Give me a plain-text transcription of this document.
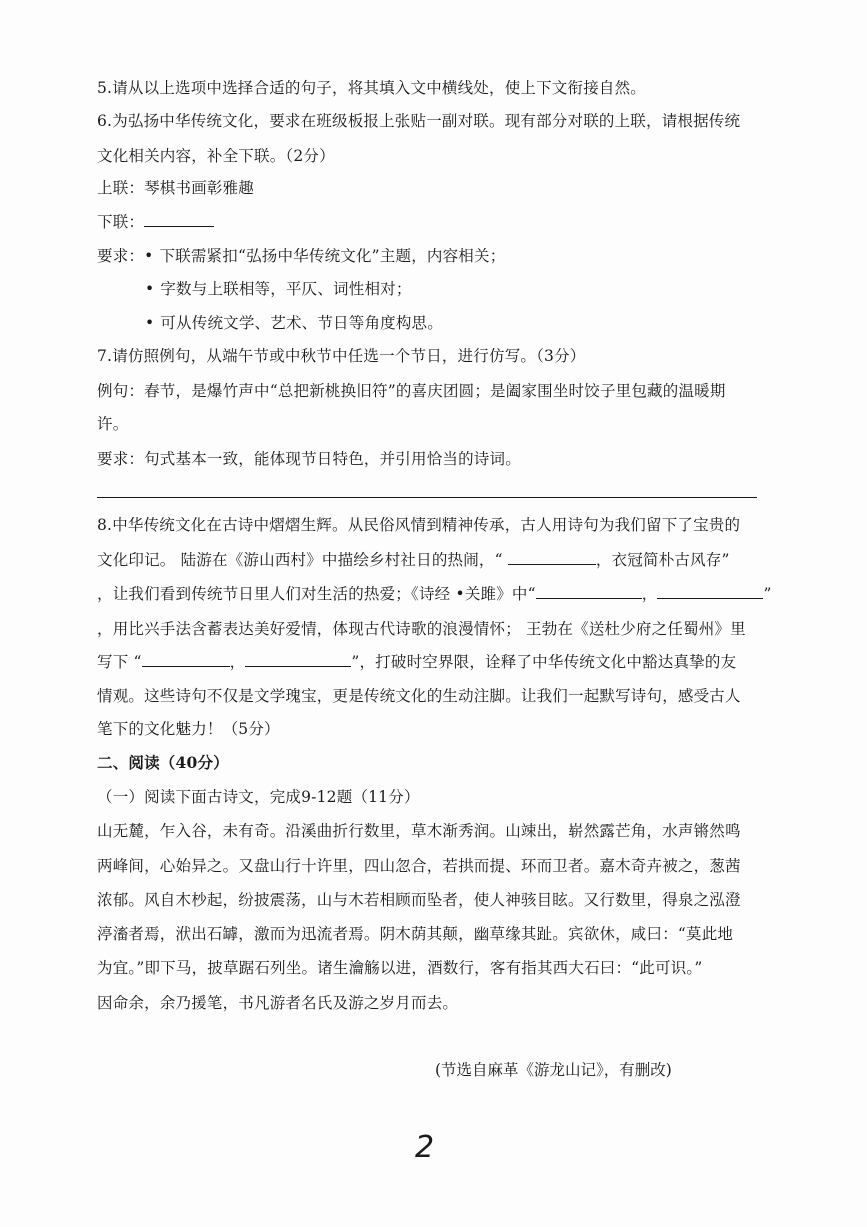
5.请从以上选项中选择合适的句子，将其填入文中横线处，使上下文衔接自然。
6.为弘扬中华传统文化，要求在班级板报上张贴一副对联。现有部分对联的上联，请根据传统
文化相关内容，补全下联。（2分）
上联：琴棋书画彰雅趣
下联：
要求：• 下联需紧扣“弘扬中华传统文化”主题，内容相关；
• 字数与上联相等，平仄、词性相对；
• 可从传统文学、艺术、节日等角度构思。
7.请仿照例句，从端午节或中秋节中任选一个节日，进行仿写。（3分）
例句：春节，是爆竹声中“总把新桃换旧符”的喜庆团圆；是阖家围坐时饺子里包藏的温暖期
许。
要求：句式基本一致，能体现节日特色，并引用恰当的诗词。
8.中华传统文化在古诗中熠熠生辉。从民俗风情到精神传承，古人用诗句为我们留下了宝贵的
文化印记。 陆游在《游山西村》中描绘乡村社日的热闹，“	，衣冠简朴古风存”
，让我们看到传统节日里人们对生活的热爱；《诗经 •关雎》中“	，	”
，用比兴手法含蓄表达美好爱情，体现古代诗歌的浪漫情怀； 王勃在《送杜少府之任蜀州》里
写下 “	，	”，打破时空界限，诠释了中华传统文化中豁达真挚的友
情观。这些诗句不仅是文学瑰宝，更是传统文化的生动注脚。让我们一起默写诗句，感受古人
笔下的文化魅力！（5分）
二、阅读（40分）
（一）阅读下面古诗文，完成9-12题（11分）
山无麓，乍入谷，未有奇。沿溪曲折行数里，草木渐秀润。山竦出，崭然露芒角，水声锵然鸣
两峰间，心始异之。又盘山行十许里，四山忽合，若拱而提、环而卫者。嘉木奇卉被之，葱茜
浓郁。风自木杪起，纷披震荡，山与木若相顾而坠者，使人神骇目眩。又行数里，得泉之泓澄
渟滀者焉，洑出石罅，激而为迅流者焉。阴木荫其颠，幽草缘其趾。宾欲休，咸曰：“莫此地
为宜。”即下马，披草踞石列坐。诸生瀹觞以进，酒数行，客有指其西大石曰：“此可识。”
因命余，余乃援笔，书凡游者名氏及游之岁月而去。
(节选自麻革《游龙山记》，有删改)
2
